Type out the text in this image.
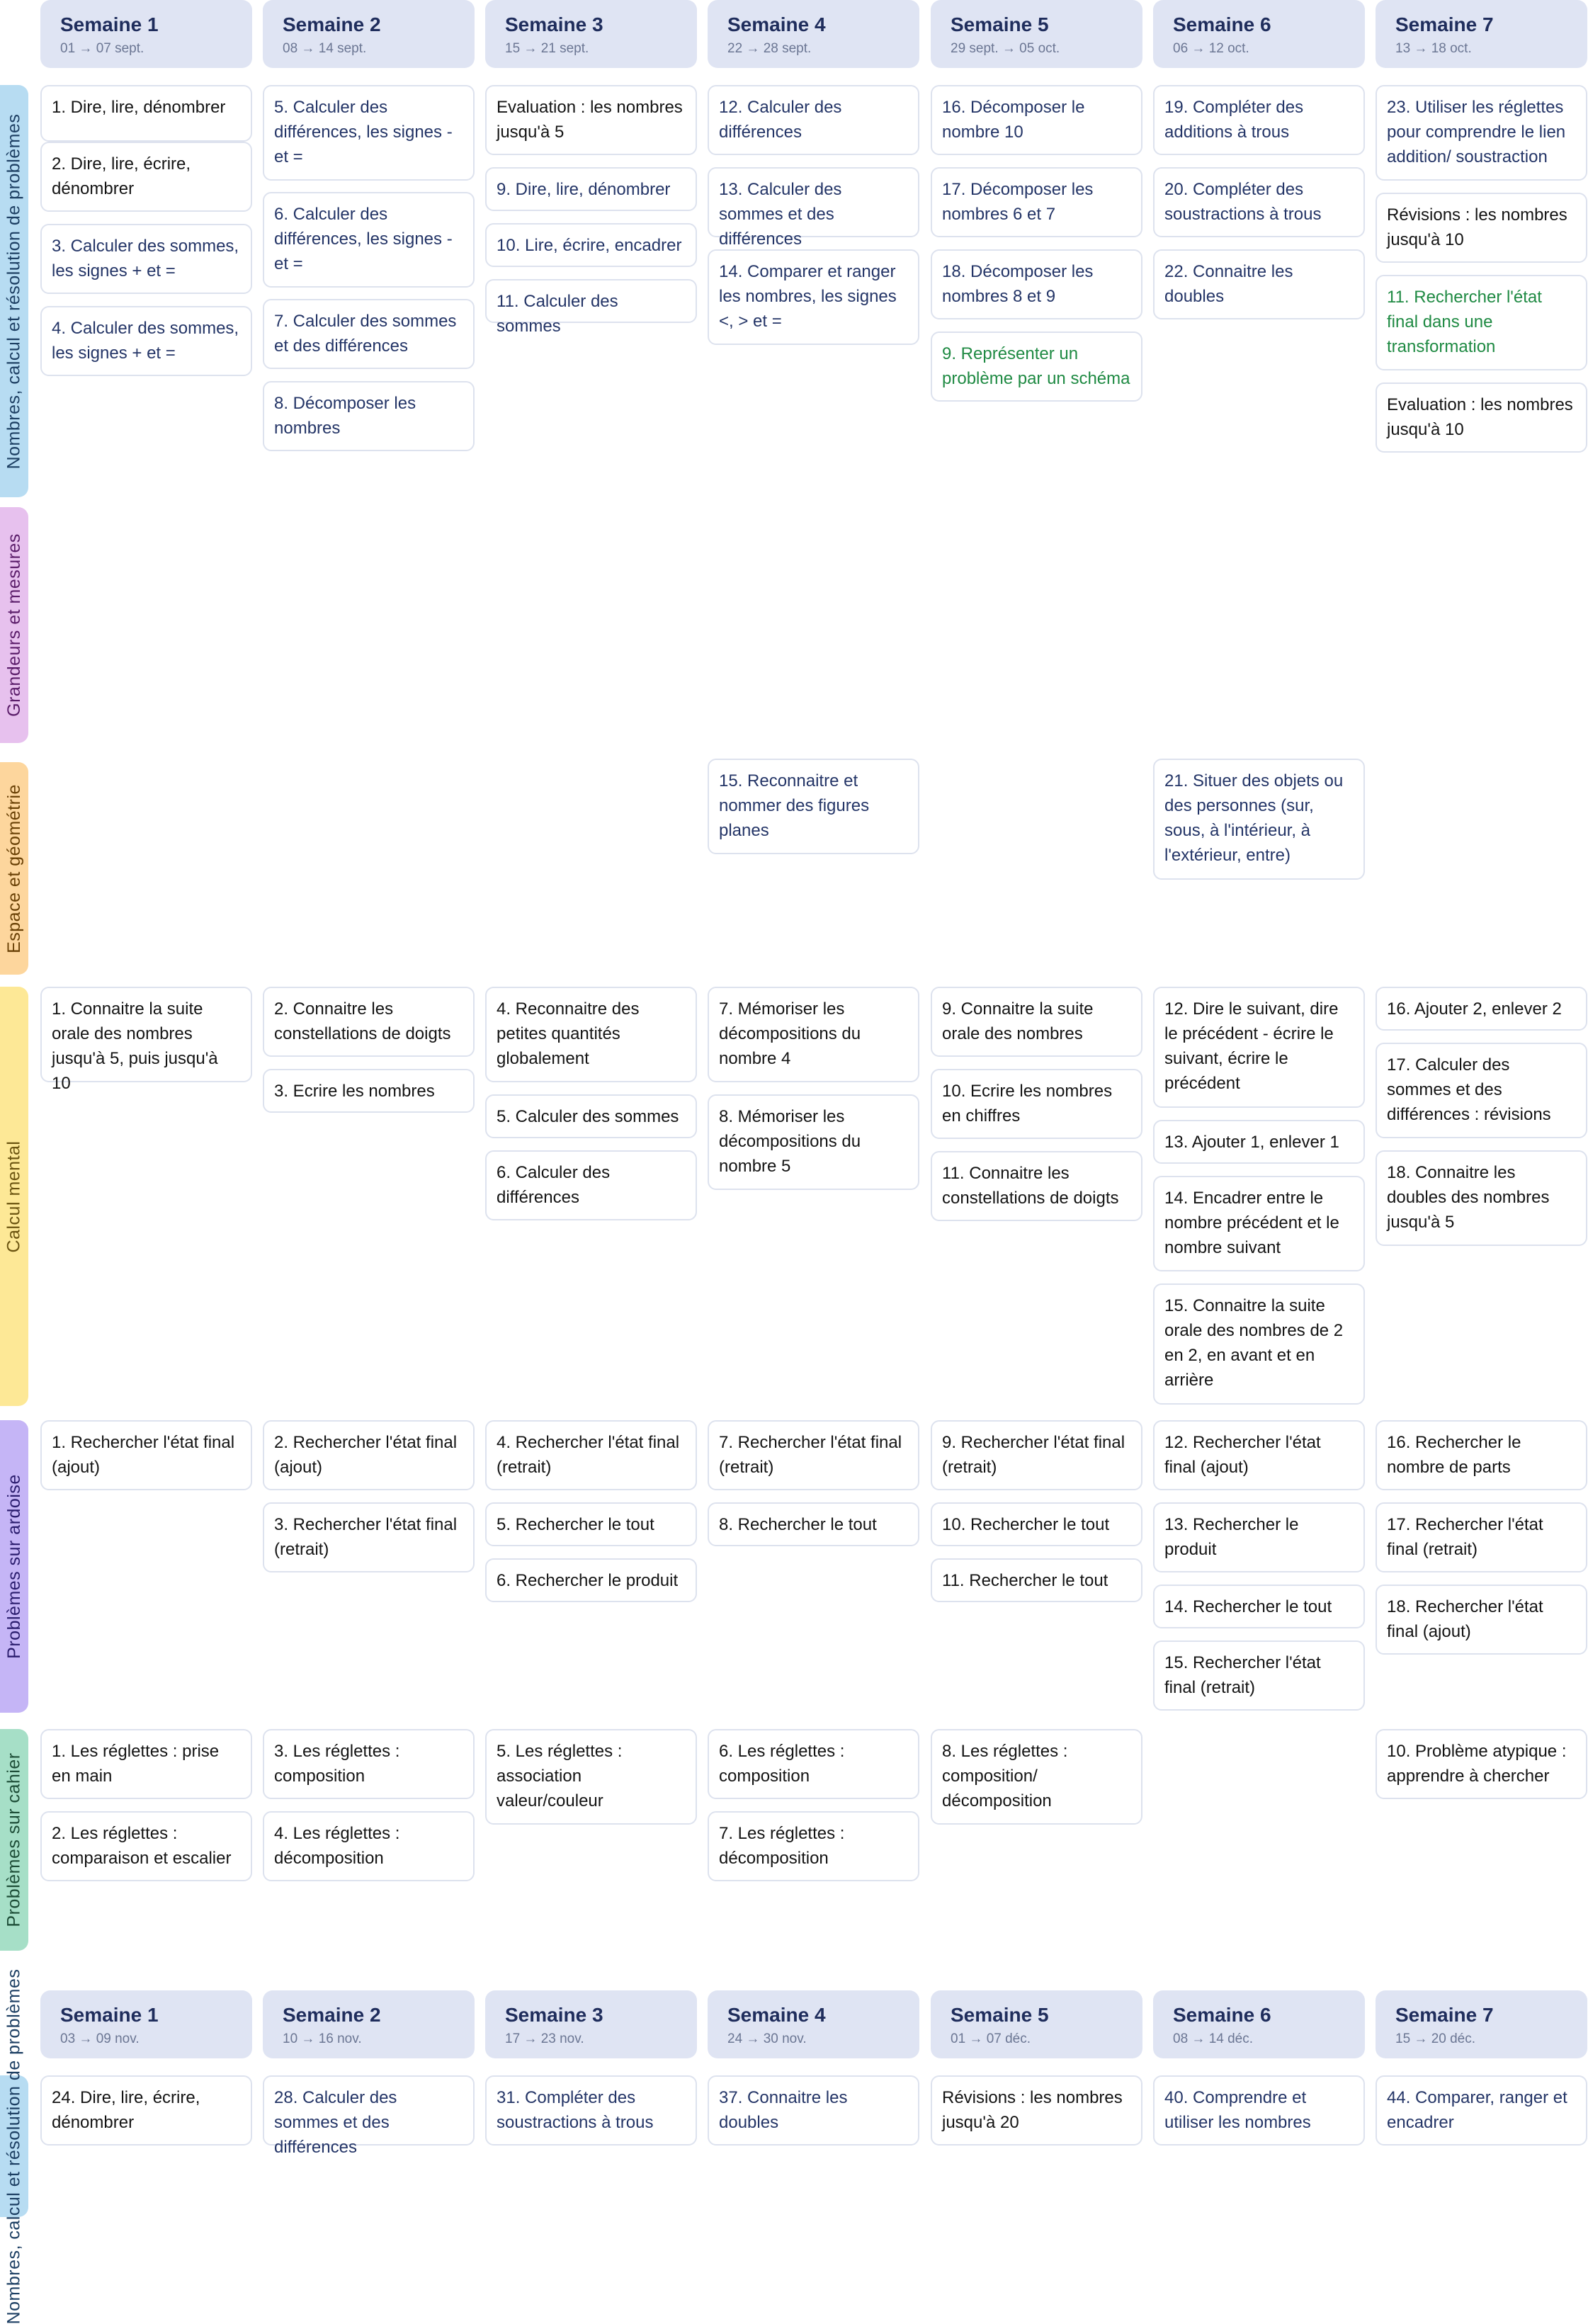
Semaine 1
01 → 07 sept.
Semaine 2
08 → 14 sept.
Semaine 3
15 → 21 sept.
Semaine 4
22 → 28 sept.
Semaine 5
29 sept. → 05 oct.
Semaine 6
06 → 12 oct.
Semaine 7
13 → 18 oct.
Semaine 1
03 → 09 nov.
Semaine 2
10 → 16 nov.
Semaine 3
17 → 23 nov.
Semaine 4
24 → 30 nov.
Semaine 5
01 → 07 déc.
Semaine 6
08 → 14 déc.
Semaine 7
15 → 20 déc.
Nombres, calcul et résolution de problèmes
Grandeurs et mesures
Espace et géométrie
Calcul mental
Problèmes sur ardoise
Problèmes sur cahier
Nombres, calcul et résolution de problèmes
1. Dire, lire, dénombrer
2. Dire, lire, écrire, dénombrer
3. Calculer des sommes, les signes + et =
4. Calculer des sommes, les signes + et =
5. Calculer des différences, les signes - et =
6. Calculer des différences, les signes - et =
7. Calculer des sommes et des différences
8. Décomposer les nombres
Evaluation : les nombres jusqu'à 5
9. Dire, lire, dénombrer
10. Lire, écrire, encadrer
11. Calculer des sommes
12. Calculer des différences
13. Calculer des sommes et des différences
14. Comparer et ranger les nombres, les signes <, > et =
16. Décomposer le nombre 10
17. Décomposer les nombres 6 et 7
18. Décomposer les nombres 8 et 9
9. Représenter un problème par un schéma
19. Compléter des additions à trous
20. Compléter des soustractions à trous
22. Connaitre les doubles
23. Utiliser les réglettes pour comprendre le lien addition/ soustraction
Révisions : les nombres jusqu'à 10
11. Rechercher l'état final dans une transformation
Evaluation : les nombres jusqu'à 10
15. Reconnaitre et nommer des figures planes
21. Situer des objets ou des personnes (sur, sous, à l'intérieur, à l'extérieur, entre)
1. Connaitre la suite orale des nombres jusqu'à 5, puis jusqu'à 10
2. Connaitre les constellations de doigts
3. Ecrire les nombres
4. Reconnaitre des petites quantités globalement
5. Calculer des sommes
6. Calculer des différences
7. Mémoriser les décompositions du nombre 4
8. Mémoriser les décompositions du nombre 5
9. Connaitre la suite orale des nombres
10. Ecrire les nombres en chiffres
11. Connaitre les constellations de doigts
12. Dire le suivant, dire le précédent - écrire le suivant, écrire le précédent
13. Ajouter 1, enlever 1
14. Encadrer entre le nombre précédent et le nombre suivant
15. Connaitre la suite orale des nombres de 2 en 2, en avant et en arrière
16. Ajouter 2, enlever 2
17. Calculer des sommes et des différences : révisions
18. Connaitre les doubles des nombres jusqu'à 5
1. Rechercher l'état final (ajout)
2. Rechercher l'état final (ajout)
3. Rechercher l'état final (retrait)
4. Rechercher l'état final (retrait)
5. Rechercher le tout
6. Rechercher le produit
7. Rechercher l'état final (retrait)
8. Rechercher le tout
9. Rechercher l'état final (retrait)
10. Rechercher le tout
11. Rechercher le tout
12. Rechercher l'état final (ajout)
13. Rechercher le produit
14. Rechercher le tout
15. Rechercher l'état final (retrait)
16. Rechercher le nombre de parts
17. Rechercher l'état final (retrait)
18. Rechercher l'état final (ajout)
1. Les réglettes : prise en main
2. Les réglettes : comparaison et escalier
3. Les réglettes : composition
4. Les réglettes : décomposition
5. Les réglettes : association valeur/couleur
6. Les réglettes : composition
7. Les réglettes : décomposition
8. Les réglettes : composition/ décomposition
10. Problème atypique : apprendre à chercher
24. Dire, lire, écrire, dénombrer
28. Calculer des sommes et des différences
31. Compléter des soustractions à trous
37. Connaitre les doubles
Révisions : les nombres jusqu'à 20
40. Comprendre et utiliser les nombres
44. Comparer, ranger et encadrer
